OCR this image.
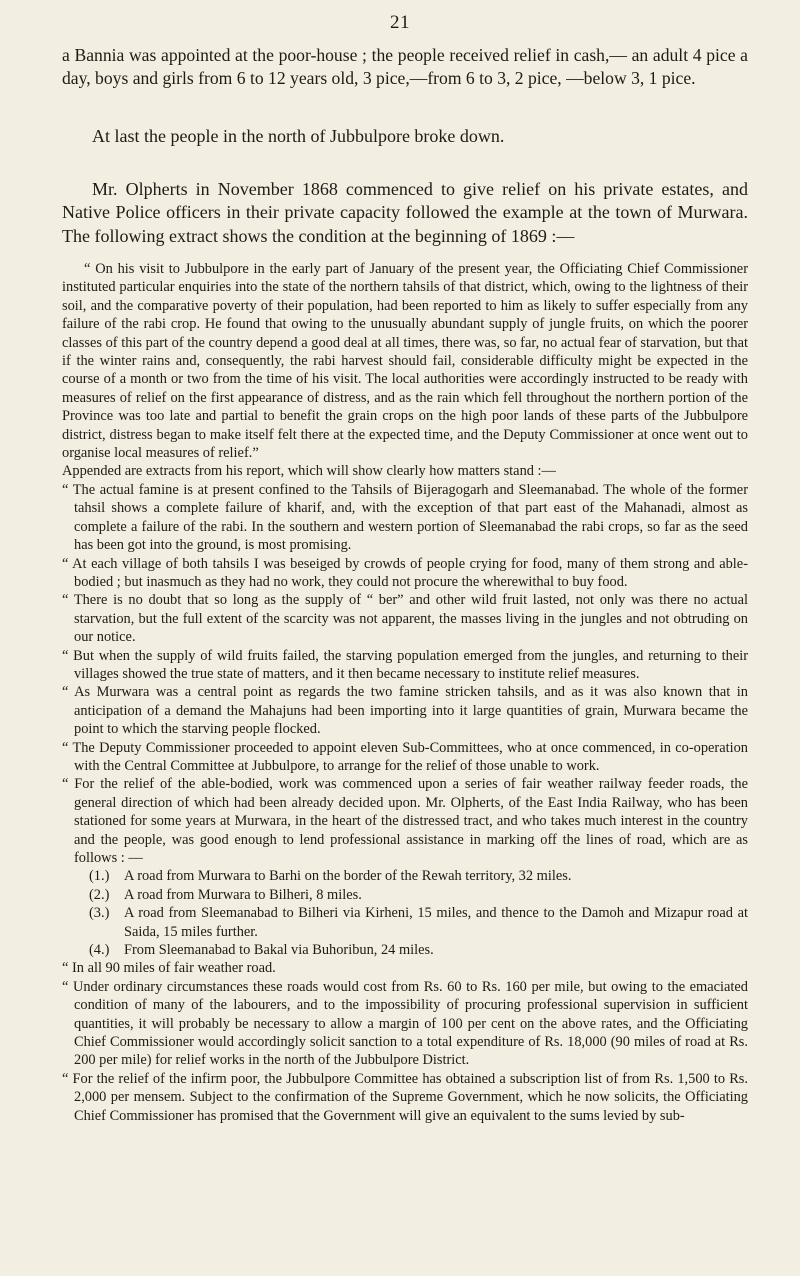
21
a Bannia was appointed at the poor-house ; the people received relief in cash,— an adult 4 pice a day, boys and girls from 6 to 12 years old, 3 pice,—from 6 to 3, 2 pice, —below 3, 1 pice.
At last the people in the north of Jubbulpore broke down.
Mr. Olpherts in November 1868 commenced to give relief on his private estates, and Native Police officers in their private capacity followed the example at the town of Murwara. The following extract shows the condition at the beginning of 1869 :—

“ On his visit to Jubbulpore in the early part of January of the present year, the Officiating Chief Commissioner instituted particular enquiries into the state of the northern tahsils of that district, which, owing to the lightness of their soil, and the comparative poverty of their population, had been reported to him as likely to suffer especially from any failure of the rabi crop. He found that owing to the unusually abundant supply of jungle fruits, on which the poorer classes of this part of the country depend a good deal at all times, there was, so far, no actual fear of starvation, but that if the winter rains and, consequently, the rabi harvest should fail, considerable difficulty might be expected in the course of a month or two from the time of his visit. The local authorities were accordingly instructed to be ready with measures of relief on the first appearance of distress, and as the rain which fell throughout the northern portion of the Province was too late and partial to benefit the grain crops on the high poor lands of these parts of the Jubbulpore district, distress began to make itself felt there at the expected time, and the Deputy Commissioner at once went out to organise local measures of relief.”

Appended are extracts from his report, which will show clearly how matters stand :—

“ The actual famine is at present confined to the Tahsils of Bijeragogarh and Sleemanabad. The whole of the former tahsil shows a complete failure of kharif, and, with the exception of that part east of the Mahanadi, almost as complete a failure of the rabi. In the southern and western portion of Sleemanabad the rabi crops, so far as the seed has been got into the ground, is most promising.

“ At each village of both tahsils I was beseiged by crowds of people crying for food, many of them strong and able-bodied ; but inasmuch as they had no work, they could not procure the wherewithal to buy food.

“ There is no doubt that so long as the supply of “ ber” and other wild fruit lasted, not only was there no actual starvation, but the full extent of the scarcity was not apparent, the masses living in the jungles and not obtruding on our notice.

“ But when the supply of wild fruits failed, the starving population emerged from the jungles, and returning to their villages showed the true state of matters, and it then became necessary to institute relief measures.

“ As Murwara was a central point as regards the two famine stricken tahsils, and as it was also known that in anticipation of a demand the Mahajuns had been importing into it large quantities of grain, Murwara became the point to which the starving people flocked.

“ The Deputy Commissioner proceeded to appoint eleven Sub-Committees, who at once commenced, in co-operation with the Central Committee at Jubbulpore, to arrange for the relief of those unable to work.

“ For the relief of the able-bodied, work was commenced upon a series of fair weather railway feeder roads, the general direction of which had been already decided upon. Mr. Olpherts, of the East India Railway, who has been stationed for some years at Murwara, in the heart of the distressed tract, and who takes much interest in the country and the people, was good enough to lend professional assistance in marking off the lines of road, which are as follows : —

(1.) A road from Murwara to Barhi on the border of the Rewah territory, 32 miles.

(2.) A road from Murwara to Bilheri, 8 miles.

(3.) A road from Sleemanabad to Bilheri via Kirheni, 15 miles, and thence to the Damoh and Mizapur road at Saida, 15 miles further.

(4.) From Sleemanabad to Bakal via Buhoribun, 24 miles.

“ In all 90 miles of fair weather road.

“ Under ordinary circumstances these roads would cost from Rs. 60 to Rs. 160 per mile, but owing to the emaciated condition of many of the labourers, and to the impossibility of procuring professional supervision in sufficient quantities, it will probably be necessary to allow a margin of 100 per cent on the above rates, and the Officiating Chief Commissioner would accordingly solicit sanction to a total expenditure of Rs. 18,000 (90 miles of road at Rs. 200 per mile) for relief works in the north of the Jubbulpore District.

“ For the relief of the infirm poor, the Jubbulpore Committee has obtained a subscription list of from Rs. 1,500 to Rs. 2,000 per mensem. Subject to the confirmation of the Supreme Government, which he now solicits, the Officiating Chief Commissioner has promised that the Government will give an equivalent to the sums levied by sub-
